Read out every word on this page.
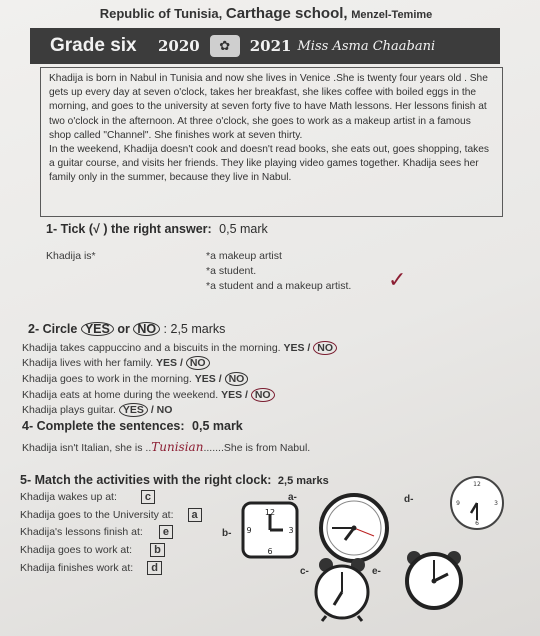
Republic of Tunisia, Carthage school, Menzel-Temime
Grade six	2020	✿	2021 Miss Asma Chaabani

Khadija is born in Nabul in Tunisia and now she lives in Venice .She is twenty four years old . She gets up every day at seven o'clock, takes her breakfast, she likes coffee with boiled eggs in the morning, and goes to the university at seven forty five to have Math lessons. Her lessons finish at two o'clock in the afternoon. At three o'clock, she goes to work as a makeup artist in a famous shop called "Channel". She finishes work at seven thirty.

In the weekend, Khadija doesn't cook and doesn't read books, she eats out, goes shopping, takes a guitar course, and visits her friends. They like playing video games together. Khadija sees her family only in the summer, because they live in Nabul.

1- Tick (√ ) the right answer: 0,5 mark
Khadija is*	*a makeup artist
*a student.
*a student and a makeup artist. ✓
2- Circle YES or NO : 2,5 marks
Khadija takes cappuccino and a biscuits in the morning. YES / NO
Khadija lives with her family. YES / NO
Khadija goes to work in the morning. YES / NO
Khadija eats at home during the weekend. YES / NO
Khadija plays guitar. YES / NO
4- Complete the sentences: 0,5 mark
Khadija isn't Italian, she is ..Tunisian.......She is from Nabul.
5- Match the activities with the right clock: 2,5 marks
Khadija wakes up at:	c
Khadija goes to the University at: a
Khadija's lessons finish at: e
Khadija goes to work at: b
Khadija finishes work at: d
a-
b-
c-
d-
e-
12
3
6
9
12
3
6
9
